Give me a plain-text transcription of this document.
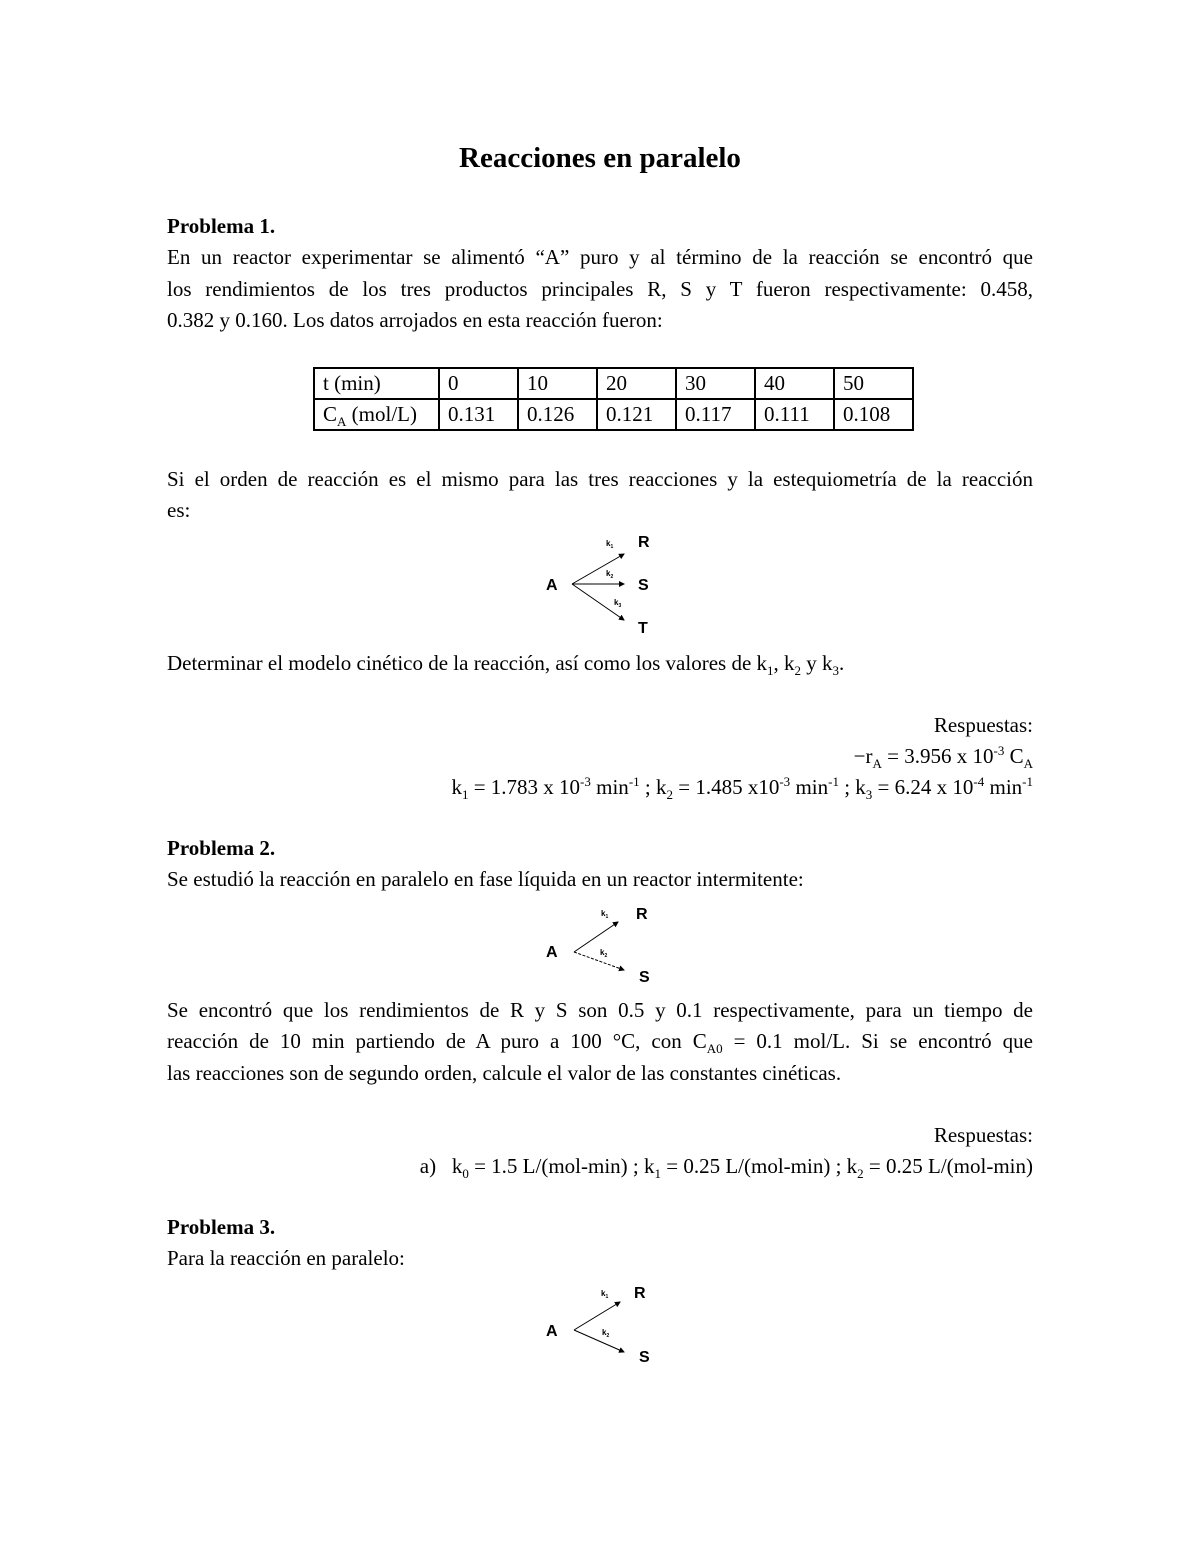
Reacciones en paralelo
Problema 1.
En un reactor experimentar se alimentó “A” puro y al término de la reacción se encontró que
los rendimientos de los tres productos principales R, S y T fueron respectivamente: 0.458,
0.382 y 0.160. Los datos arrojados en esta reacción fueron:
t (min)	0	10	20	30	40	50
$C_A$ (mol/L)	0.131	0.126	0.121	0.117	0.111	0.108
Si el orden de reacción es el mismo para las tres reacciones y la estequiometría de la reacción
es:
A
$k_1$
$k_2$
$k_3$
R
S
T
Determinar el modelo cinético de la reacción, así como los valores de $k_1$, $k_2$ y $k_3$.
Respuestas:
$-r_A = 3.956$ x $10^{-3}$ $C_A$
$k_1 = 1.783$ x $10^{-3}$ $\min^{-1}$ ; $k_2 = 1.485$ $x10^{-3}$ $\min^{-1}$ ; $k_3 = 6.24$ x $10^{-4}$ $\min^{-1}$
Problema 2.
Se estudió la reacción en paralelo en fase líquida en un reactor intermitente:
A
$k_1$
$k_2$
R
S
Se encontró que los rendimientos de R y S son 0.5 y 0.1 respectivamente, para un tiempo de
reacción de 10 min partiendo de A puro a 100 °C, con $C_{A0} = 0.1$ mol/L. Si se encontró que
las reacciones son de segundo orden, calcule el valor de las constantes cinéticas.
Respuestas:
a) $k_0 = 1.5$ L/(mol-min) ; $k_1 = 0.25$ L/(mol-min) ; $k_2 = 0.25$ L/(mol-min)
Problema 3.
Para la reacción en paralelo:
A
$k_1$
$k_2$
R
S
